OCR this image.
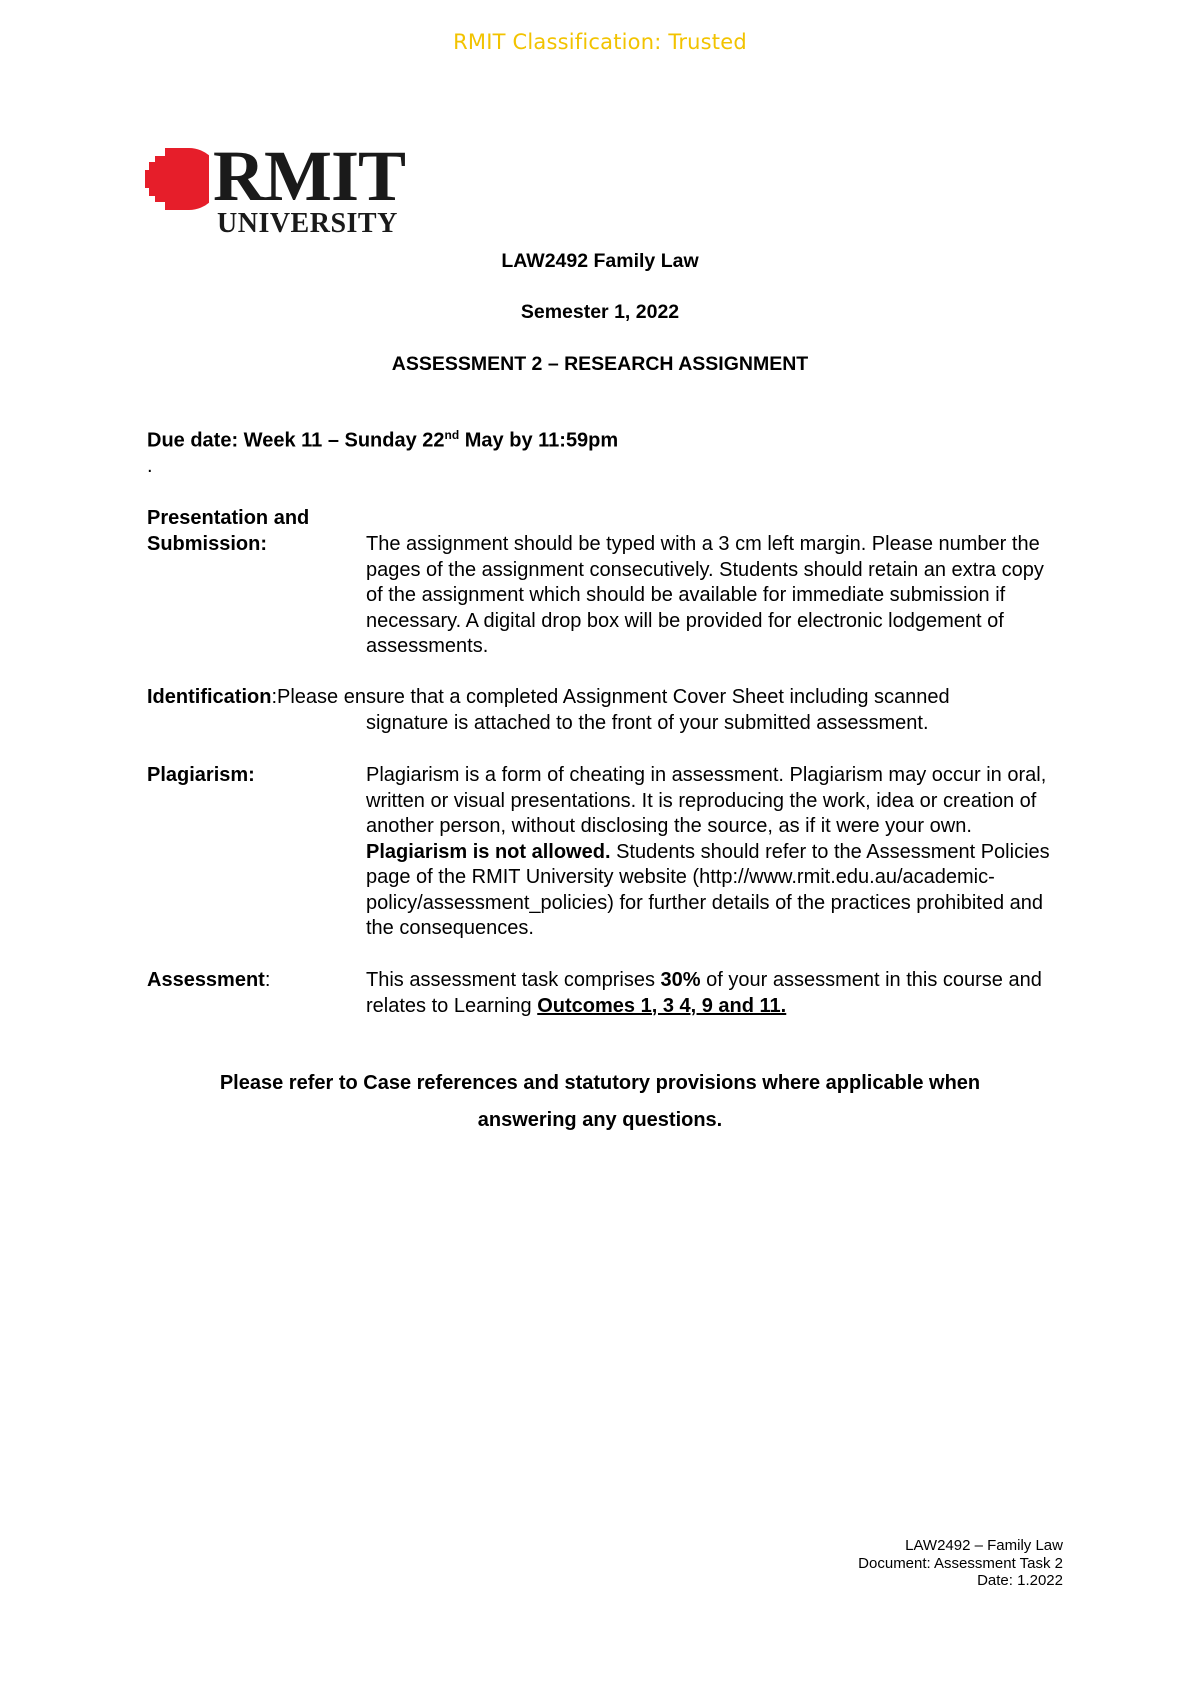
RMIT Classification: Trusted
RMIT
UNIVERSITY
LAW2492 Family Law
Semester 1, 2022
ASSESSMENT 2 – RESEARCH ASSIGNMENT
Due date: Week 11 – Sunday 22nd May by 11:59pm
.
Presentation and
Submission:	The assignment should be typed with a 3 cm left margin. Please number the pages of the assignment consecutively. Students should retain an extra copy of the assignment which should be available for immediate submission if necessary. A digital drop box will be provided for electronic lodgement of assessments.
Identification:Please ensure that a completed Assignment Cover Sheet including scanned
signature is attached to the front of your submitted assessment.
Plagiarism:	Plagiarism is a form of cheating in assessment. Plagiarism may occur in oral, written or visual presentations. It is reproducing the work, idea or creation of another person, without disclosing the source, as if it were your own. Plagiarism is not allowed. Students should refer to the Assessment Policies page of the RMIT University website (http://www.rmit.edu.au/academic-policy/assessment_policies) for further details of the practices prohibited and the consequences.
Assessment:	This assessment task comprises 30% of your assessment in this course and relates to Learning Outcomes 1, 3 4, 9 and 11.
Please refer to Case references and statutory provisions where applicable when
answering any questions.
LAW2492 – Family Law
Document: Assessment Task 2
Date: 1.2022
